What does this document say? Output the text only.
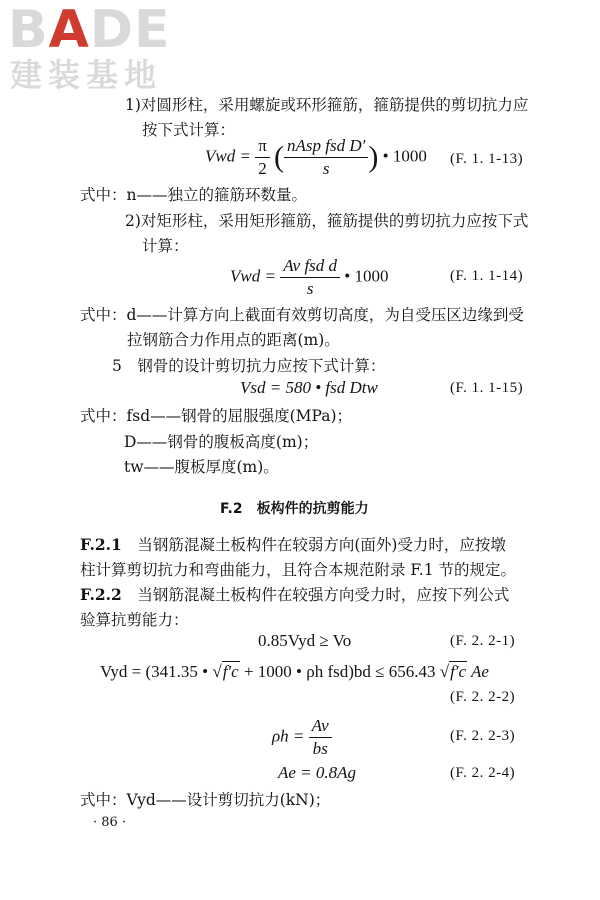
BADE
建装基地
1)对圆形柱，采用螺旋或环形箍筋，箍筋提供的剪切抗力应
按下式计算：
Vwd = $\frac{\pi}{2}$ ( $\frac{\text{nAsp fsd D′}}{s}$ ) • 1000 (F. 1. 1-13)
式中：n——独立的箍筋环数量。
2)对矩形柱，采用矩形箍筋，箍筋提供的剪切抗力应按下式
计算：
Vwd = $\frac{\text{Av fsd d}}{s}$ • 1000	(F. 1. 1-14)
式中：d——计算方向上截面有效剪切高度，为自受压区边缘到受
拉钢筋合力作用点的距离(m)。
5　钢骨的设计剪切抗力应按下式计算：
Vsd = 580 • fsd Dtw	(F. 1. 1-15)
式中：fsd——钢骨的屈服强度(MPa)；
D——钢骨的腹板高度(m)；
tw——腹板厚度(m)。
F.2　板构件的抗剪能力
F.2.1　 当钢筋混凝土板构件在较弱方向(面外)受力时，应按墩
柱计算剪切抗力和弯曲能力，且符合本规范附录 F.1 节的规定。
F.2.2　 当钢筋混凝土板构件在较强方向受力时，应按下列公式
验算抗剪能力：
0.85Vyd ≥ Vo	(F. 2. 2-1)
Vyd = (341.35 • √f′c + 1000 • ρh fsd)bd ≤ 656.43 √f′c Ae
(F. 2. 2-2)
$\rho h = \frac{Av}{bs}$	(F. 2. 2-3)
Ae = 0.8Ag	(F. 2. 2-4)
式中：Vyd——设计剪切抗力(kN)；
· 86 ·
